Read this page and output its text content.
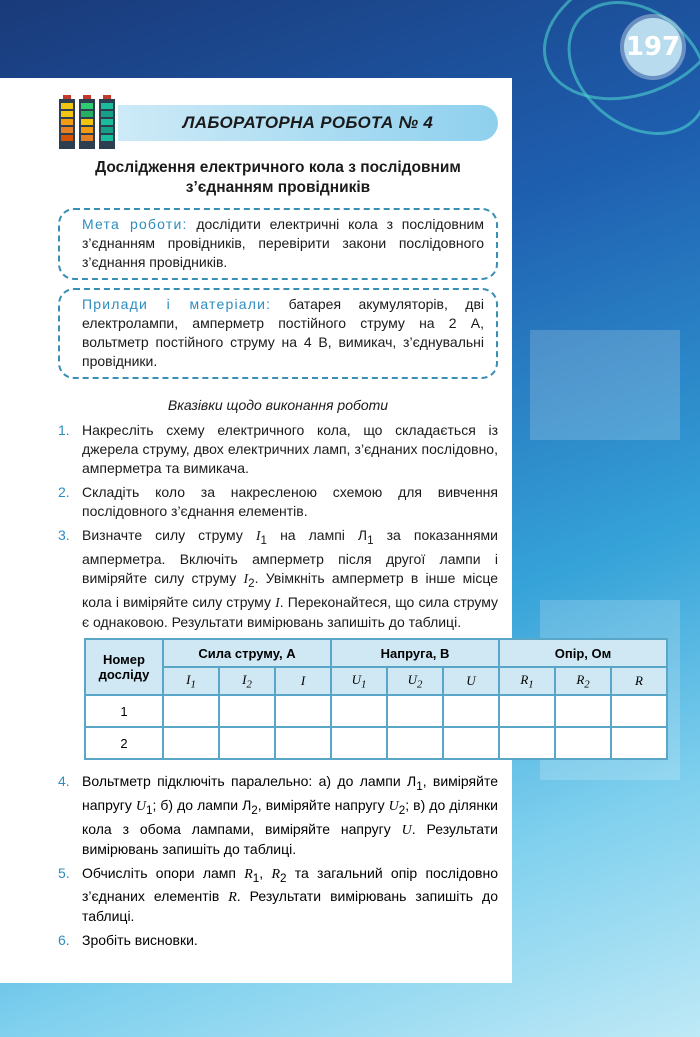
197
ЛАБОРАТОРНА РОБОТА № 4

Дослідження електричного кола з послідовним
з’єднанням провідників

Мета роботи: дослідити електричні кола з послідовним з’єднанням провідників, перевірити закони послідовного з’єднання провідників.
Прилади і матеріали: батарея акумуляторів, дві електролампи, амперметр постійного струму на 2 А, вольтметр постійного струму на 4 В, вимикач, з’єднувальні провідники.

Вказівки щодо виконання роботи

1. Накресліть схему електричного кола, що складається із джерела струму, двох електричних ламп, з’єднаних послідовно, амперметра та вимикача.
2. Складіть коло за накресленою схемою для вивчення послідовного з’єднання елементів.
3. Визначте силу струму $I_1$ на лампі $Л_1$ за показаннями амперметра. Включіть амперметр після другої лампи і виміряйте силу струму $I_2$. Увімкніть амперметр в інше місце кола і виміряйте силу струму I. Переконайтеся, що сила струму є однаковою. Результати вимірювань запишіть до таблиці.
Номер досліду	Сила струму, А			Напруга, В			Опір, Ом		
	$I_1$	$I_2$	I	$U_1$	$U_2$	U	$R_1$	$R_2$	R
1									
2									
4. Вольтметр підключіть паралельно: а) до лампи $Л_1$, виміряйте напругу $U_1$; б) до лампи $Л_2$, виміряйте напругу $U_2$; в) до ділянки кола з обома лампами, виміряйте напругу U. Результати вимірювань запишіть до таблиці.
5. Обчисліть опори ламп $R_1$, $R_2$ та загальний опір послідовно з’єднаних елементів R. Результати вимірювань запишіть до таблиці.
6. Зробіть висновки.
